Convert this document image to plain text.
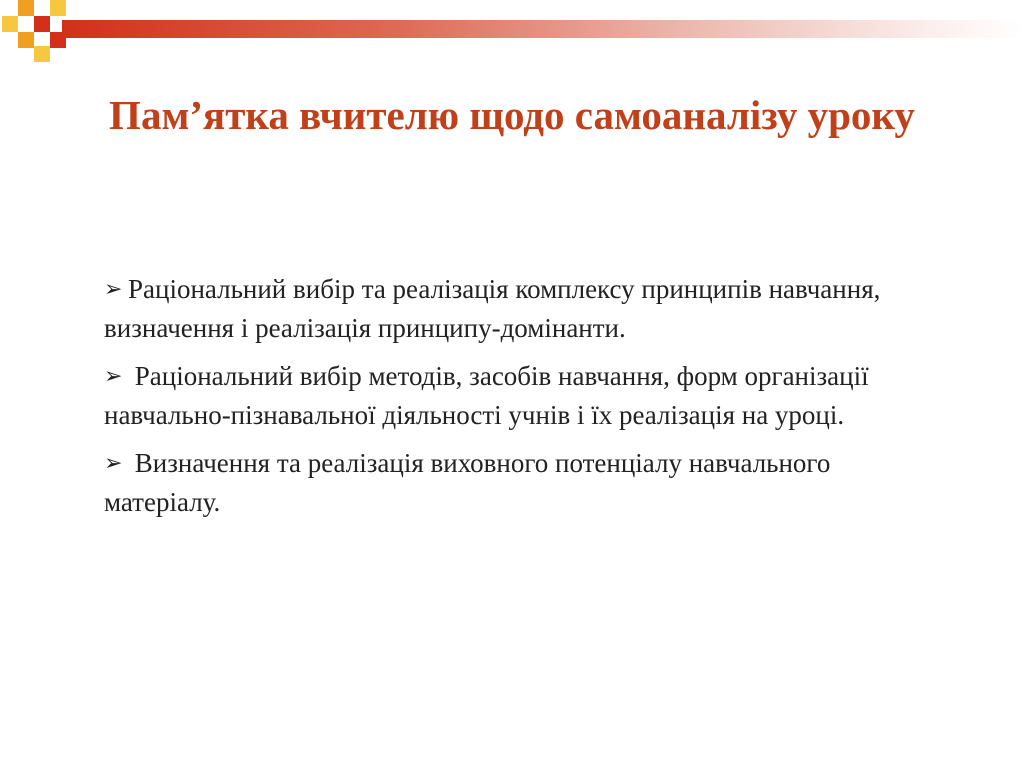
Пам’ятка вчителю щодо самоаналізу уроку
➢ Раціональний вибір та реалізація комплексу принципів навчання, визначення і реалізація принципу-домінанти.
➢ Раціональний вибір методів, засобів навчання, форм організації навчально-пізнавальної діяльності учнів і їх реалізація на уроці.
➢ Визначення та реалізація виховного потенціалу навчального матеріалу.
